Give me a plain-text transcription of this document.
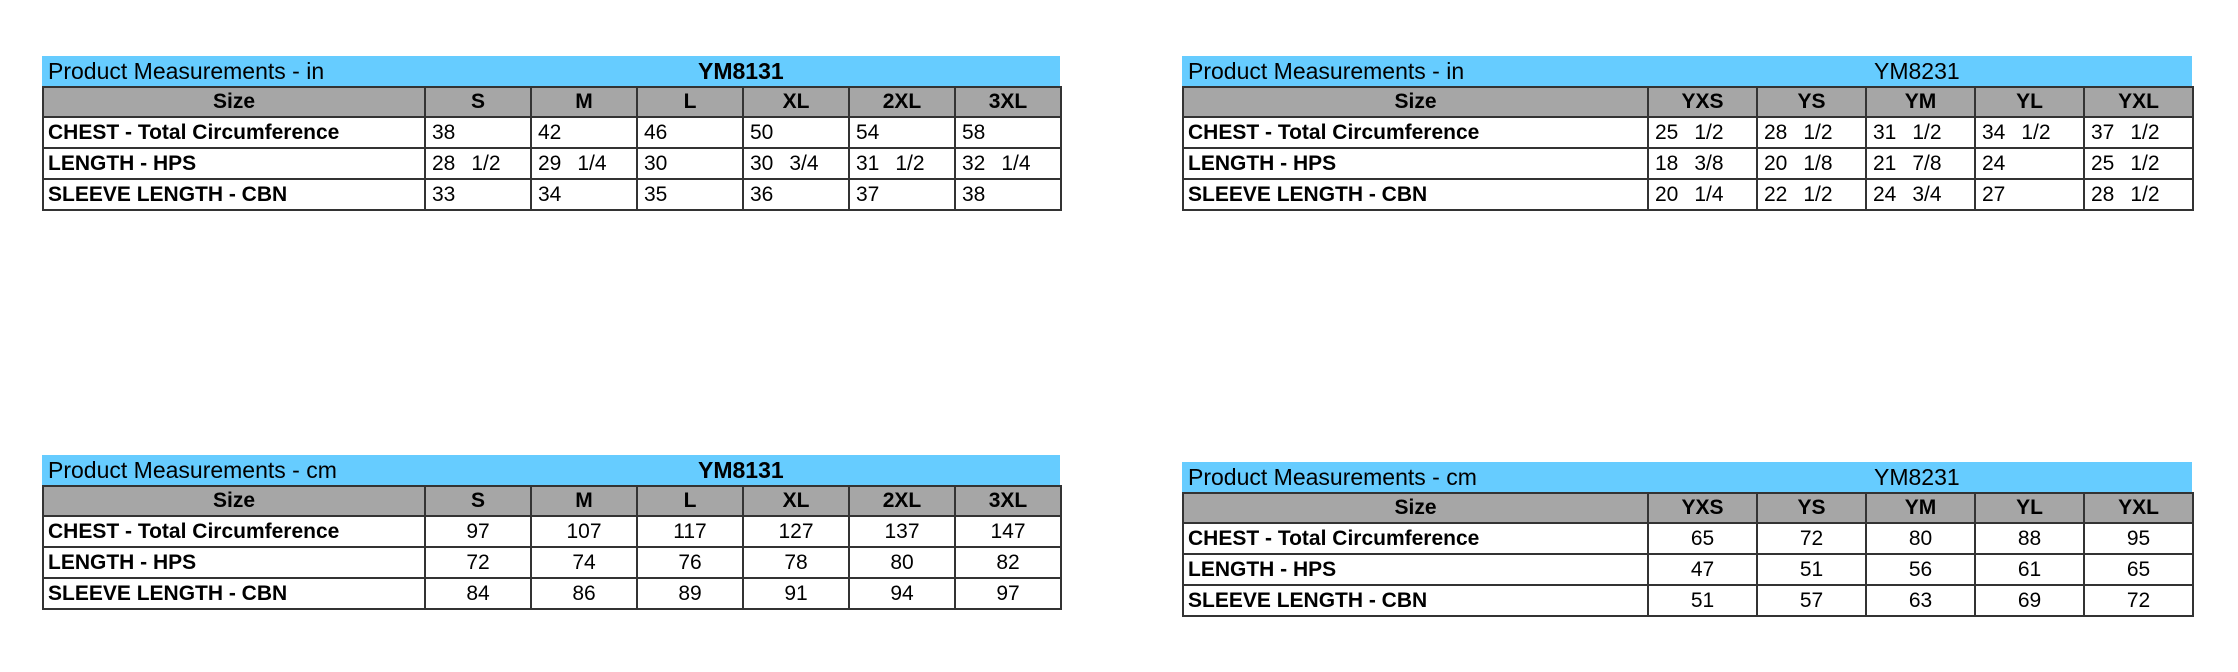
Product Measurements - in	YM8131
Size	S	M	L	XL	2XL	3XL
CHEST - Total Circumference	38	42	46	50	54	58
LENGTH - HPS	28 1/2	29 1/4	30	30 3/4	31 1/2	32 1/4
SLEEVE LENGTH - CBN	33	34	35	36	37	38
Product Measurements - in	YM8231
Size	YXS	YS	YM	YL	YXL
CHEST - Total Circumference	25 1/2	28 1/2	31 1/2	34 1/2	37 1/2
LENGTH - HPS	18 3/8	20 1/8	21 7/8	24	25 1/2
SLEEVE LENGTH - CBN	20 1/4	22 1/2	24 3/4	27	28 1/2
Product Measurements - cm	YM8131
Size	S	M	L	XL	2XL	3XL
CHEST - Total Circumference	97	107	117	127	137	147
LENGTH - HPS	72	74	76	78	80	82
SLEEVE LENGTH - CBN	84	86	89	91	94	97
Product Measurements - cm	YM8231
Size	YXS	YS	YM	YL	YXL
CHEST - Total Circumference	65	72	80	88	95
LENGTH - HPS	47	51	56	61	65
SLEEVE LENGTH - CBN	51	57	63	69	72
